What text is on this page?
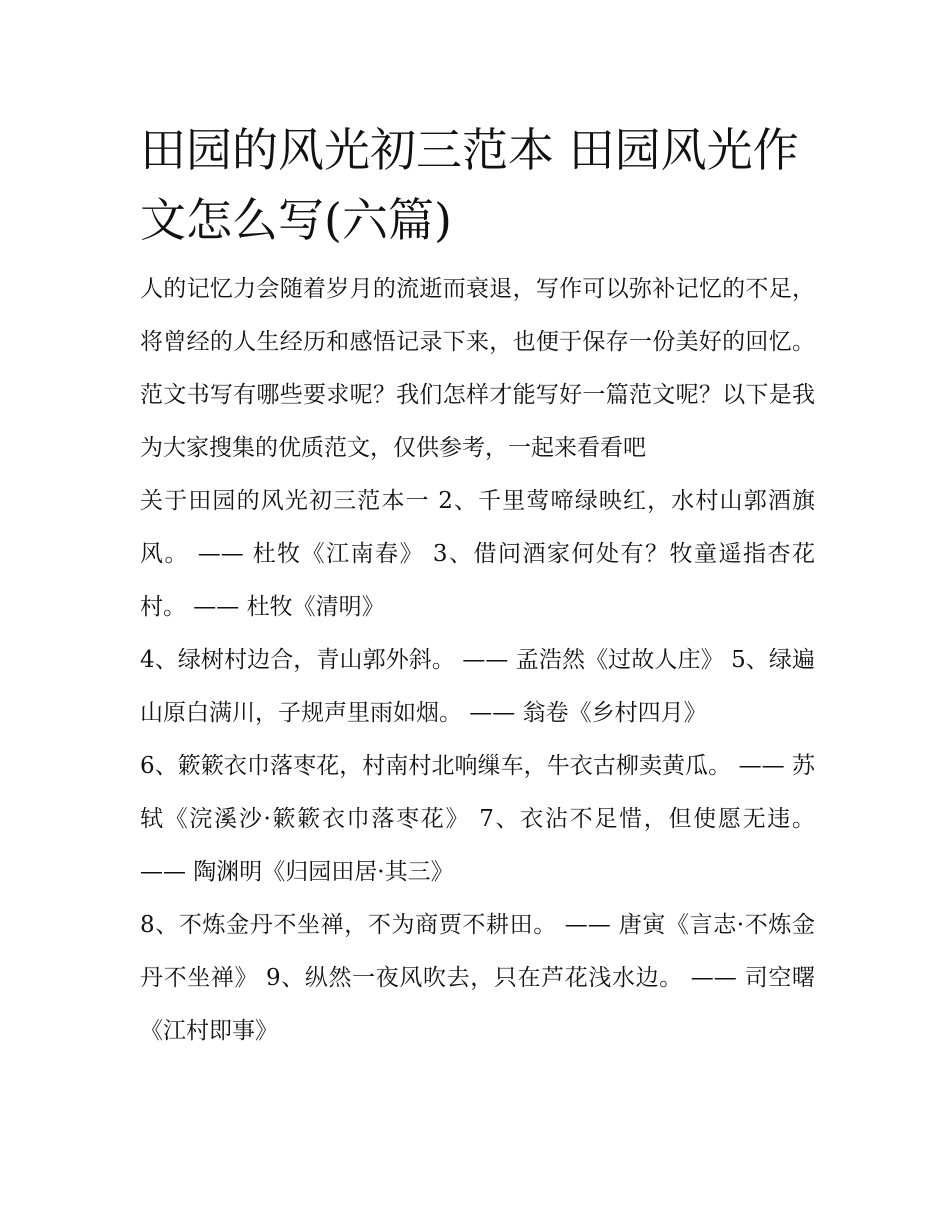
田园的风光初三范本 田园风光作文怎么写(六篇)

人的记忆力会随着岁月的流逝而衰退，写作可以弥补记忆的不足，将曾经的人生经历和感悟记录下来，也便于保存一份美好的回忆。范文书写有哪些要求呢？我们怎样才能写好一篇范文呢？以下是我为大家搜集的优质范文，仅供参考，一起来看看吧

关于田园的风光初三范本一 2、千里莺啼绿映红，水村山郭酒旗风。 —— 杜牧《江南春》 3、借问酒家何处有？牧童遥指杏花村。 —— 杜牧《清明》

4、绿树村边合，青山郭外斜。 —— 孟浩然《过故人庄》 5、绿遍山原白满川，子规声里雨如烟。 —— 翁卷《乡村四月》

6、簌簌衣巾落枣花，村南村北响缫车，牛衣古柳卖黄瓜。 —— 苏轼《浣溪沙·簌簌衣巾落枣花》 7、衣沾不足惜，但使愿无违。 —— 陶渊明《归园田居·其三》

8、不炼金丹不坐禅，不为商贾不耕田。 —— 唐寅《言志·不炼金丹不坐禅》 9、纵然一夜风吹去，只在芦花浅水边。 —— 司空曙《江村即事》
